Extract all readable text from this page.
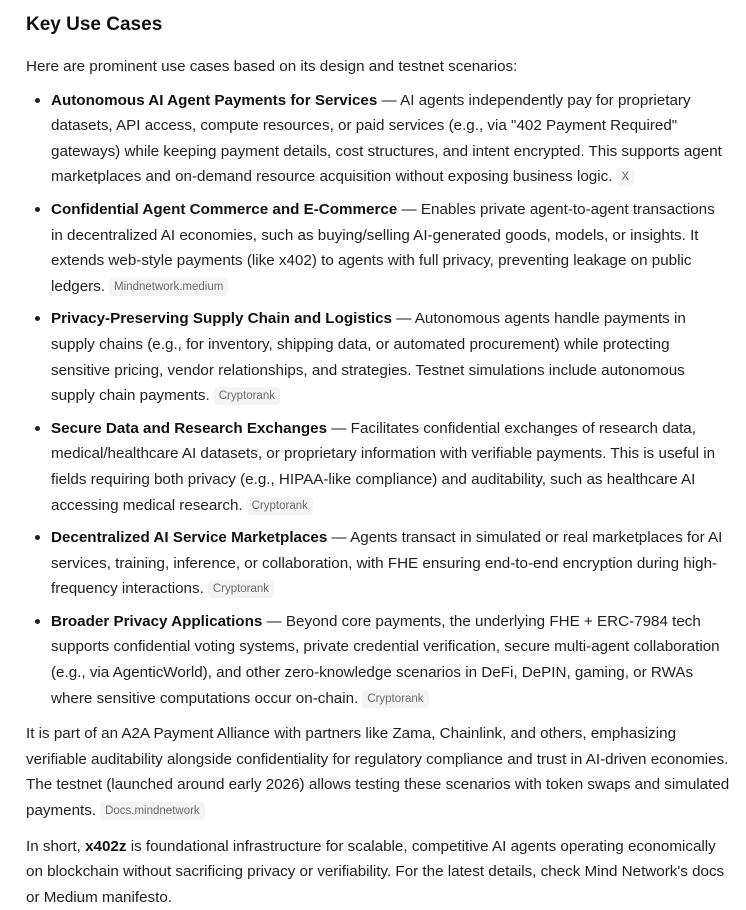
Key Use Cases

Here are prominent use cases based on its design and testnet scenarios:

Autonomous AI Agent Payments for Services — AI agents independently pay for proprietary datasets, API access, compute resources, or paid services (e.g., via "402 Payment Required" gateways) while keeping payment details, cost structures, and intent encrypted. This supports agent marketplaces and on-demand resource acquisition without exposing business logic. X
Confidential Agent Commerce and E-Commerce — Enables private agent-to-agent transactions in decentralized AI economies, such as buying/selling AI-generated goods, models, or insights. It extends web-style payments (like x402) to agents with full privacy, preventing leakage on public ledgers. Mindnetwork.medium
Privacy-Preserving Supply Chain and Logistics — Autonomous agents handle payments in supply chains (e.g., for inventory, shipping data, or automated procurement) while protecting sensitive pricing, vendor relationships, and strategies. Testnet simulations include autonomous supply chain payments. Cryptorank
Secure Data and Research Exchanges — Facilitates confidential exchanges of research data, medical/healthcare AI datasets, or proprietary information with verifiable payments. This is useful in fields requiring both privacy (e.g., HIPAA-like compliance) and auditability, such as healthcare AI accessing medical research. Cryptorank
Decentralized AI Service Marketplaces — Agents transact in simulated or real marketplaces for AI services, training, inference, or collaboration, with FHE ensuring end-to-end encryption during high-frequency interactions. Cryptorank
Broader Privacy Applications — Beyond core payments, the underlying FHE + ERC-7984 tech supports confidential voting systems, private credential verification, secure multi-agent collaboration (e.g., via AgenticWorld), and other zero-knowledge scenarios in DeFi, DePIN, gaming, or RWAs where sensitive computations occur on-chain. Cryptorank

It is part of an A2A Payment Alliance with partners like Zama, Chainlink, and others, emphasizing verifiable auditability alongside confidentiality for regulatory compliance and trust in AI-driven economies. The testnet (launched around early 2026) allows testing these scenarios with token swaps and simulated payments. Docs.mindnetwork

In short, x402z is foundational infrastructure for scalable, competitive AI agents operating economically on blockchain without sacrificing privacy or verifiability. For the latest details, check Mind Network's docs or Medium manifesto.
